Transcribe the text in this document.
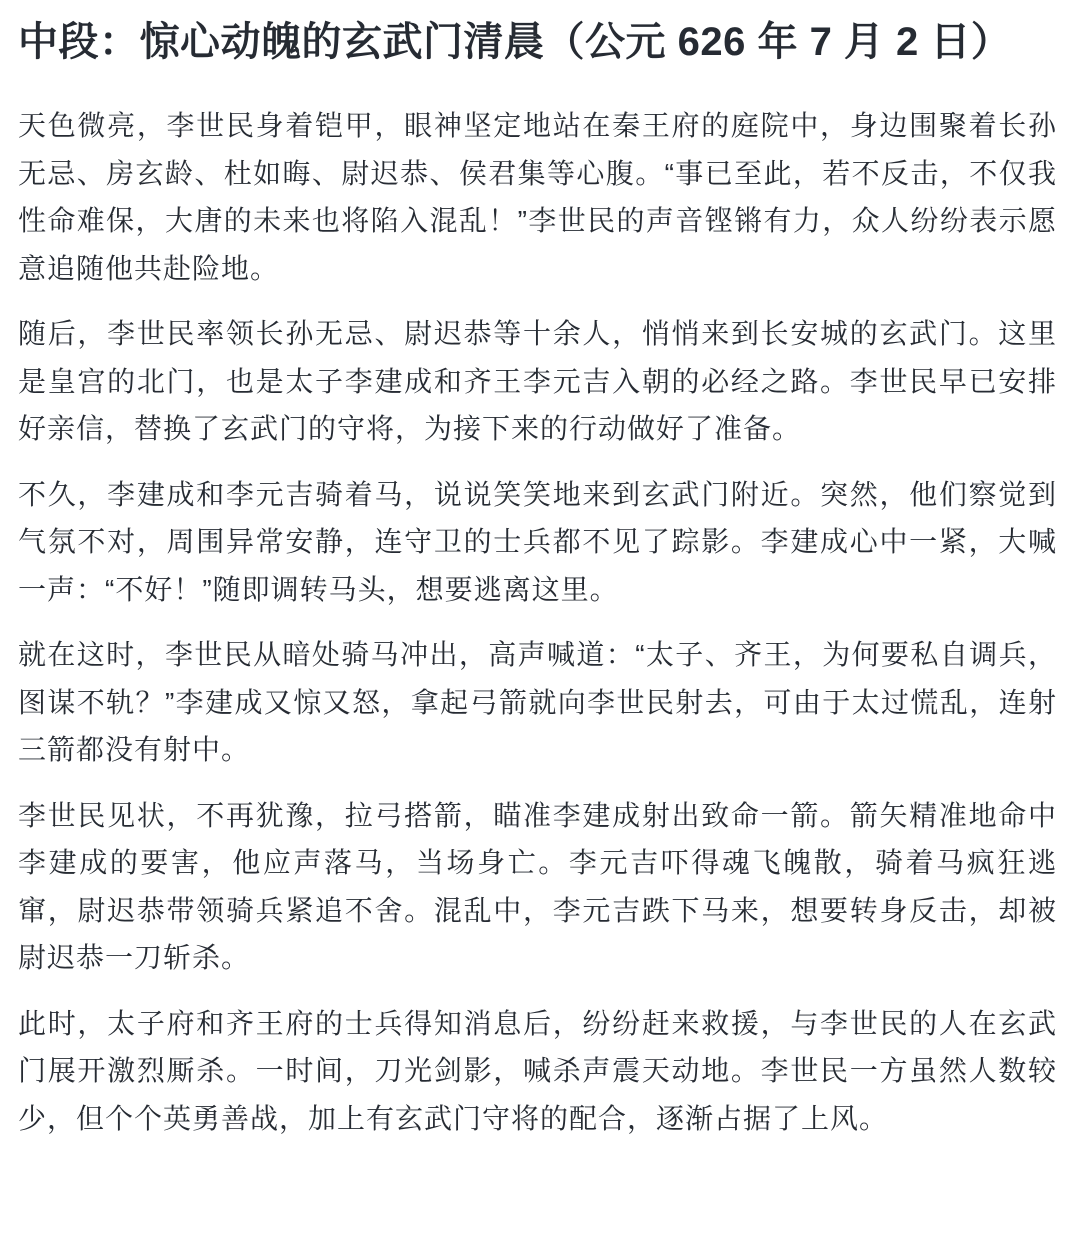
中段：惊心动魄的玄武门清晨（公元 626 年 7 月 2 日）

天色微亮，李世民身着铠甲，眼神坚定地站在秦王府的庭院中，身边围聚着长孙无忌、房玄龄、杜如晦、尉迟恭、侯君集等心腹。“事已至此，若不反击，不仅我性命难保，大唐的未来也将陷入混乱！”李世民的声音铿锵有力，众人纷纷表示愿意追随他共赴险地。

随后，李世民率领长孙无忌、尉迟恭等十余人，悄悄来到长安城的玄武门。这里是皇宫的北门，也是太子李建成和齐王李元吉入朝的必经之路。李世民早已安排好亲信，替换了玄武门的守将，为接下来的行动做好了准备。

不久，李建成和李元吉骑着马，说说笑笑地来到玄武门附近。突然，他们察觉到气氛不对，周围异常安静，连守卫的士兵都不见了踪影。李建成心中一紧，大喊一声：“不好！”随即调转马头，想要逃离这里。

就在这时，李世民从暗处骑马冲出，高声喊道：“太子、齐王，为何要私自调兵，图谋不轨？”李建成又惊又怒，拿起弓箭就向李世民射去，可由于太过慌乱，连射三箭都没有射中。

李世民见状，不再犹豫，拉弓搭箭，瞄准李建成射出致命一箭。箭矢精准地命中李建成的要害，他应声落马，当场身亡。李元吉吓得魂飞魄散，骑着马疯狂逃窜，尉迟恭带领骑兵紧追不舍。混乱中，李元吉跌下马来，想要转身反击，却被尉迟恭一刀斩杀。

此时，太子府和齐王府的士兵得知消息后，纷纷赶来救援，与李世民的人在玄武门展开激烈厮杀。一时间，刀光剑影，喊杀声震天动地。李世民一方虽然人数较少，但个个英勇善战，加上有玄武门守将的配合，逐渐占据了上风。
